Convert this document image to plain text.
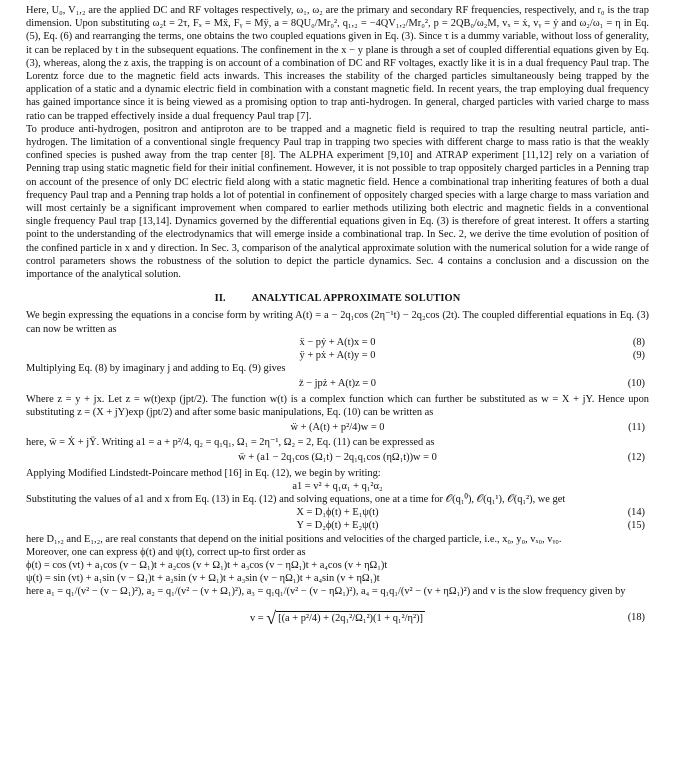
Here, U₀, V₁,₂ are the applied DC and RF voltages respectively, ω₁, ω₂ are the primary and secondary RF frequencies, respectively, and r₀ is the trap dimension. Upon substituting ω₂t = 2τ, Fₓ = Mẍ, Fᵧ = Mÿ, a = 8QU₀/Mr₀², q₁,₂ = −4QV₁,₂/Mr₀², p = 2QB₀/ω₂M, vₓ = ẋ, vᵧ = ẏ and ω₂/ω₁ = η in Eq. (5), Eq. (6) and rearranging the terms, one obtains the two coupled equations given in Eq. (3). Since τ is a dummy variable, without loss of generality, it can be replaced by t in the subsequent equations. The confinement in the x − y plane is through a set of coupled differential equations given by Eq. (3), whereas, along the z axis, the trapping is on account of a combination of DC and RF voltages, exactly like it is in a dual frequency Paul trap. The Lorentz force due to the magnetic field acts inwards. This increases the stability of the charged particles simultaneously being trapped by the application of a static and a dynamic electric field in combination with a constant magnetic field. In recent years, the trap employing dual frequency has gained importance since it is being viewed as a promising option to trap anti-hydrogen. In general, charged particles with varied charge to mass ratio can be trapped effectively inside a dual frequency Paul trap [7].

To produce anti-hydrogen, positron and antiproton are to be trapped and a magnetic field is required to trap the resulting neutral particle, anti-hydrogen. The limitation of a conventional single frequency Paul trap in trapping two species with different charge to mass ratio is that the weakly confined species is pushed away from the trap center [8]. The ALPHA experiment [9,10] and ATRAP experiment [11,12] rely on a variation of Penning trap using static magnetic field for their initial confinement. However, it is not possible to trap oppositely charged particles in a Penning trap on account of the presence of only DC electric field along with a static magnetic field. Hence a combinational trap inheriting features of both a dual frequency Paul trap and a Penning trap holds a lot of potential in confinement of oppositely charged species with a large charge to mass variation and will most certainly be a significant improvement when compared to earlier methods utilizing both electric and magnetic fields in a conventional single frequency Paul trap [13,14]. Dynamics governed by the differential equations given in Eq. (3) is therefore of great interest. It offers a starting point to the understanding of the electrodynamics that will emerge inside a combinational trap. In Sec. 2, we derive the time evolution of position of the confined particle in x and y direction. In Sec. 3, comparison of the analytical approximate solution with the numerical solution for a wide range of control parameters shows the robustness of the solution to depict the particle dynamics. Sec. 4 contains a conclusion and a discussion on the importance of the analytical solution.

II.	ANALYTICAL APPROXIMATE SOLUTION

We begin expressing the equations in a concise form by writing A(t) = a − 2q₁cos (2η⁻¹t) − 2q₂cos (2t). The coupled differential equations in Eq. (3) can now be written as

ẍ − pẏ + A(t)x = 0	(8)
ÿ + pẋ + A(t)y = 0	(9)

Multiplying Eq. (8) by imaginary j and adding to Eq. (9) gives

z̈ − jpż + A(t)z = 0	(10)

Where z = y + jx. Let z = w(t)exp (jpt/2). The function w(t) is a complex function which can further be substituted as w = X + jY. Hence upon substituting z = (X + jY)exp (jpt/2) and after some basic manipulations, Eq. (10) can be written as

ẅ + (A(t) + p²/4)w = 0	(11)

here, ẅ = Ẋ + jŸ. Writing a1 = a + p²/4, q₂ = q₁q₁, Ω₁ = 2η⁻¹, Ω₂ = 2, Eq. (11) can be expressed as

ẅ + (a1 − 2q₁cos (Ω₁t) − 2q₁q₁cos (ηΩ₁t))w = 0	(12)

Applying Modified Lindstedt-Poincare method [16] in Eq. (12), we begin by writing:

a1 = v² + q₁α₁ + q₁²α₂

Substituting the values of a1 and x from Eq. (13) in Eq. (12) and solving equations, one at a time for 𝒪(q₁⁰), 𝒪(q₁¹), 𝒪(q₁²), we get

X = D₁ϕ(t) + E₁ψ(t)	(14)
Y = D₂ϕ(t) + E₂ψ(t)	(15)

here D₁,₂ and E₁,₂, are real constants that depend on the initial positions and velocities of the charged particle, i.e., x₀, y₀, vₓ₀, vᵧ₀.

Moreover, one can express ϕ(t) and ψ(t), correct up-to first order as

ϕ(t) = cos (vt) + a₁cos (v − Ω₁)t + a₂cos (v + Ω₁)t + a₃cos (v − ηΩ₁)t + a₄cos (v + ηΩ₁)t
ψ(t) = sin (vt) + a₁sin (v − Ω₁)t + a₂sin (v + Ω₁)t + a₃sin (v − ηΩ₁)t + a₄sin (v + ηΩ₁)t

here a₁ = q₁/(v² − (v − Ω₁)²), a₂ = q₁/(v² − (v + Ω₁)²), a₃ = q₁q₁/(v² − (v − ηΩ₁)²), a₄ = q₁q₁/(v² − (v + ηΩ₁)²) and v is the slow frequency given by

v = √ [(a + p²/4) + (2q₁²/Ω₁²)(1 + q₁²/η²)]	(18)
